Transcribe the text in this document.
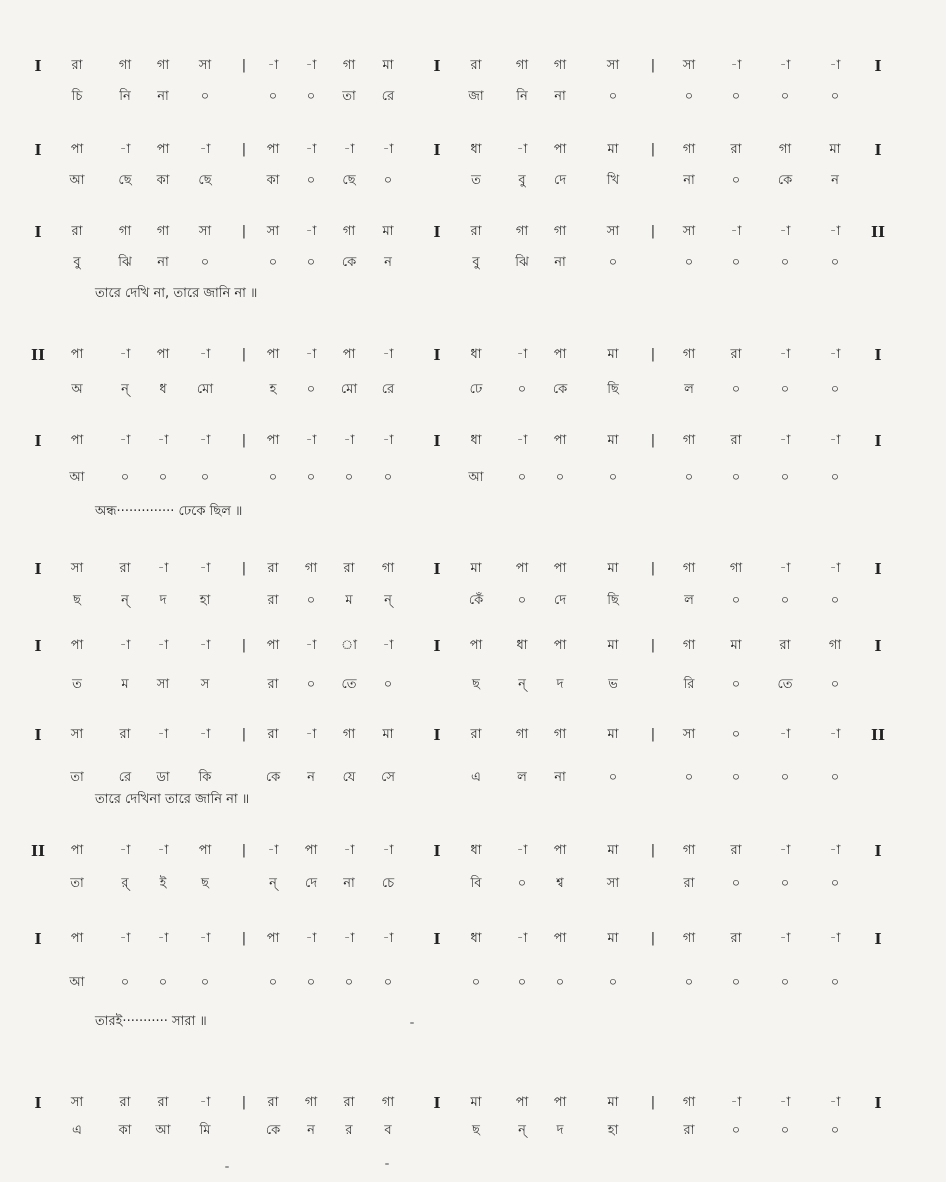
I রা	গা গা সা | -া -া গা মা	I রা	গা গা	সা | সা	-া	-া	-া I
চি	নি না ০	০ ০ তা রে	জা	নি না	০	০	০	০	০
I পা	-া পা -া | পা -া -া -া	I ধা	-া পা	মা | গা	রা	গা	মা I
আ	ছে কা ছে	কা ০ ছে ০	ত	বু দে	খি	না	০	কে	ন
I রা	গা গা সা | সা -া গা মা	I রা	গা গা	সা | সা	-া	-া	-া II
বু	ঝি না ০	০ ০ কে ন	বু	ঝি না	০	০	০	০	০
তারে দেখি না, তারে জানি না ॥
II পা	-া পা -া | পা -া পা -া	I ধা	-া পা	মা | গা	রা	-া	-া I
অ	ন্ ধ মো	হ ০ মো রে	ঢে	০ কে	ছি	ল	০	০	০
I পা	-া -া -া | পা -া -া -া	I ধা	-া পা	মা | গা	রা	-া	-া I
আ	০ ০	০	০ ০ ০ ০	আ	০ ০	০	০	০	০	০
অন্ধ·············· ঢেকে ছিল ॥
I সা	রা -া -া | রা গা রা গা	I মা	পা পা	মা | গা	গা	-া	-া I
ছ	ন্ দ	হা	রা ০ ম ন্	কেঁ	০ দে	ছি	ল	০	০	০
I পা	-া -া -া | পা -া া -া	I পা	ধা পা	মা | গা	মা	রা	গা I
ত	ম সা স	রা ০ তে ০	ছ	ন্ দ	ভ	রি	০	তে	০
I সা	রা -া -া | রা -া গা মা	I রা	গা গা	মা | সা	০	-া	-া II
তা	রে ডা কি	কে ন যে সে	এ	ল না	০	০	০	০	০
তারে দেখিনা তারে জানি না ॥
II পা	-া -া পা | -া পা -া -া	I ধা	-া পা	মা | গা	রা	-া	-া I
তা	র্ ই	ছ	ন্ দে না চে	বি	০ শ্ব	সা	রা	০	০	০
I পা	-া -া -া | পা -া -া -া	I ধা	-া পা	মা | গা	রা	-া	-া I
আ	০ ০	০	০ ০ ০ ০	০	০ ০	০	০	০	০	০
তারই··········· সারা ॥
I সা	রা রা -া | রা গা রা গা	I মা	পা পা	মা | গা	-া	-া	-া I
এ	কা আ মি	কে ন র ব	ছ	ন্ দ	হা	রা	০	০	০
